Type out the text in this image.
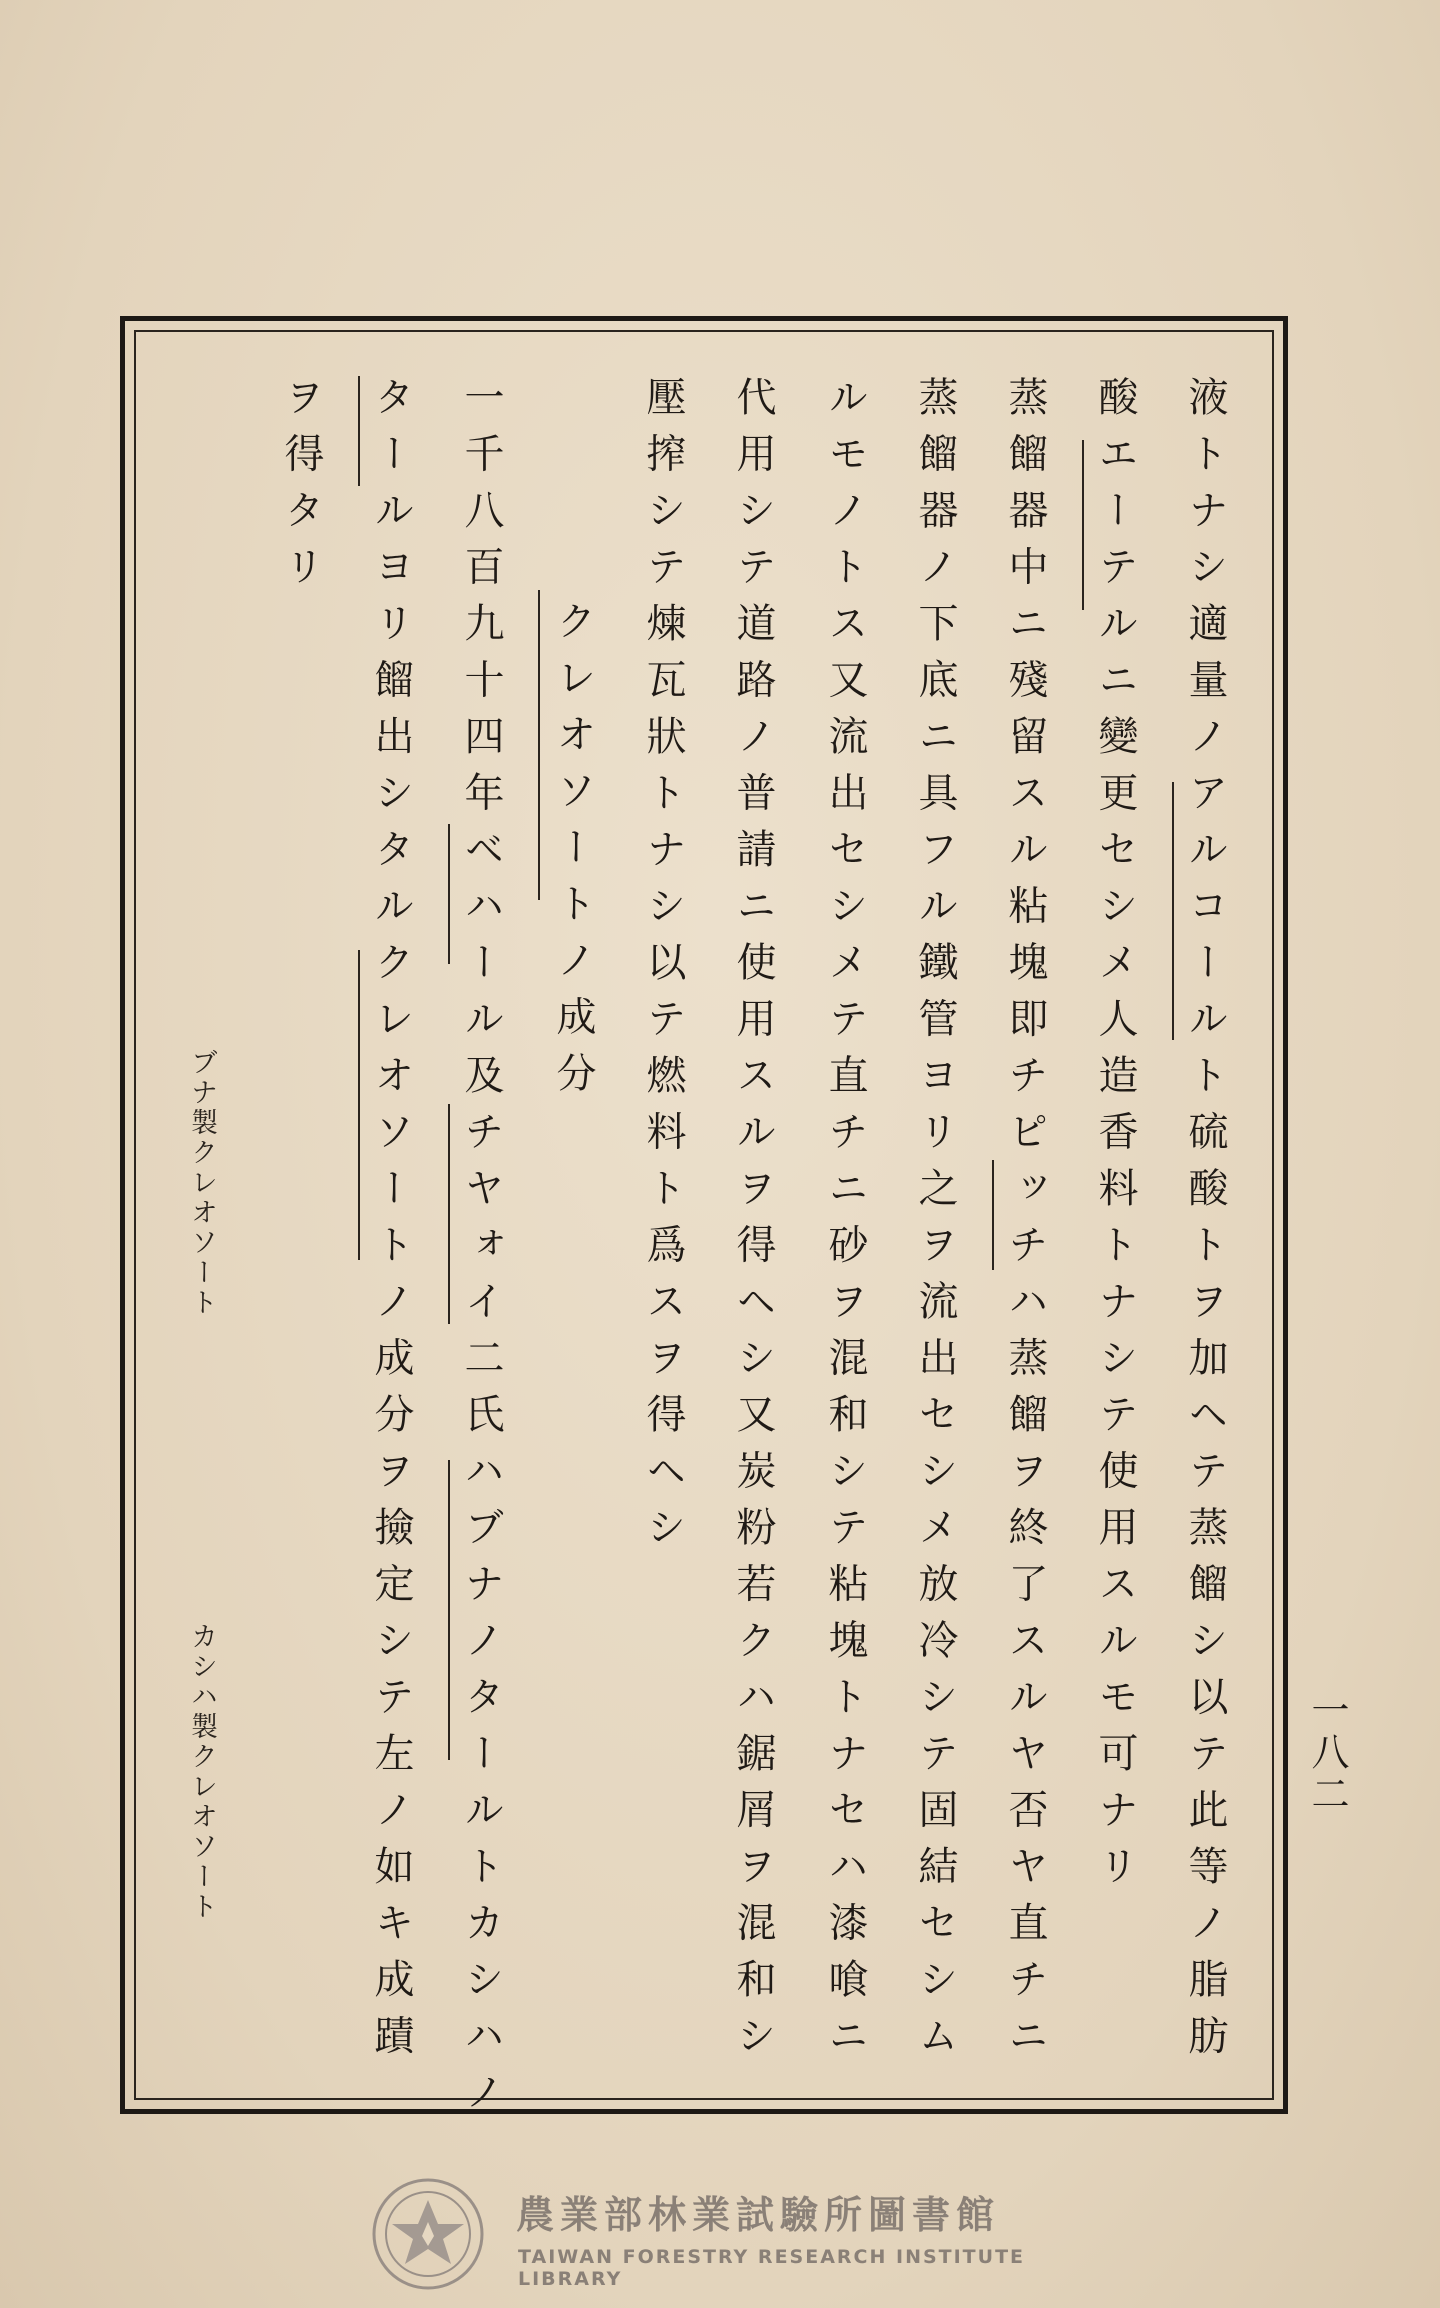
液トナシ適量ノアルコールト硫酸トヲ加ヘテ蒸餾シ以テ此等ノ脂肪
酸エーテルニ變更セシメ人造香料トナシテ使用スルモ可ナリ
蒸餾器中ニ殘留スル粘塊即チピッチハ蒸餾ヲ終了スルヤ否ヤ直チニ
蒸餾器ノ下底ニ具フル鐵管ヨリ之ヲ流出セシメ放冷シテ固結セシム
ルモノトス又流出セシメテ直チニ砂ヲ混和シテ粘塊トナセハ漆喰ニ
代用シテ道路ノ普請ニ使用スルヲ得ヘシ又炭粉若クハ鋸屑ヲ混和シ
壓搾シテ煉瓦狀トナシ以テ燃料ト爲スヲ得ヘシ
クレオソートノ成分
一千八百九十四年ベハール及チヤォイ二氏ハブナノタールトカシハノ
タールヨリ餾出シタルクレオソートノ成分ヲ撿定シテ左ノ如キ成蹟
ヲ得タリ
ブナ製クレオソート
カシハ製クレオソート	一八二
農業部林業試驗所圖書館
TAIWAN FORESTRY RESEARCH INSTITUTE LIBRARY
